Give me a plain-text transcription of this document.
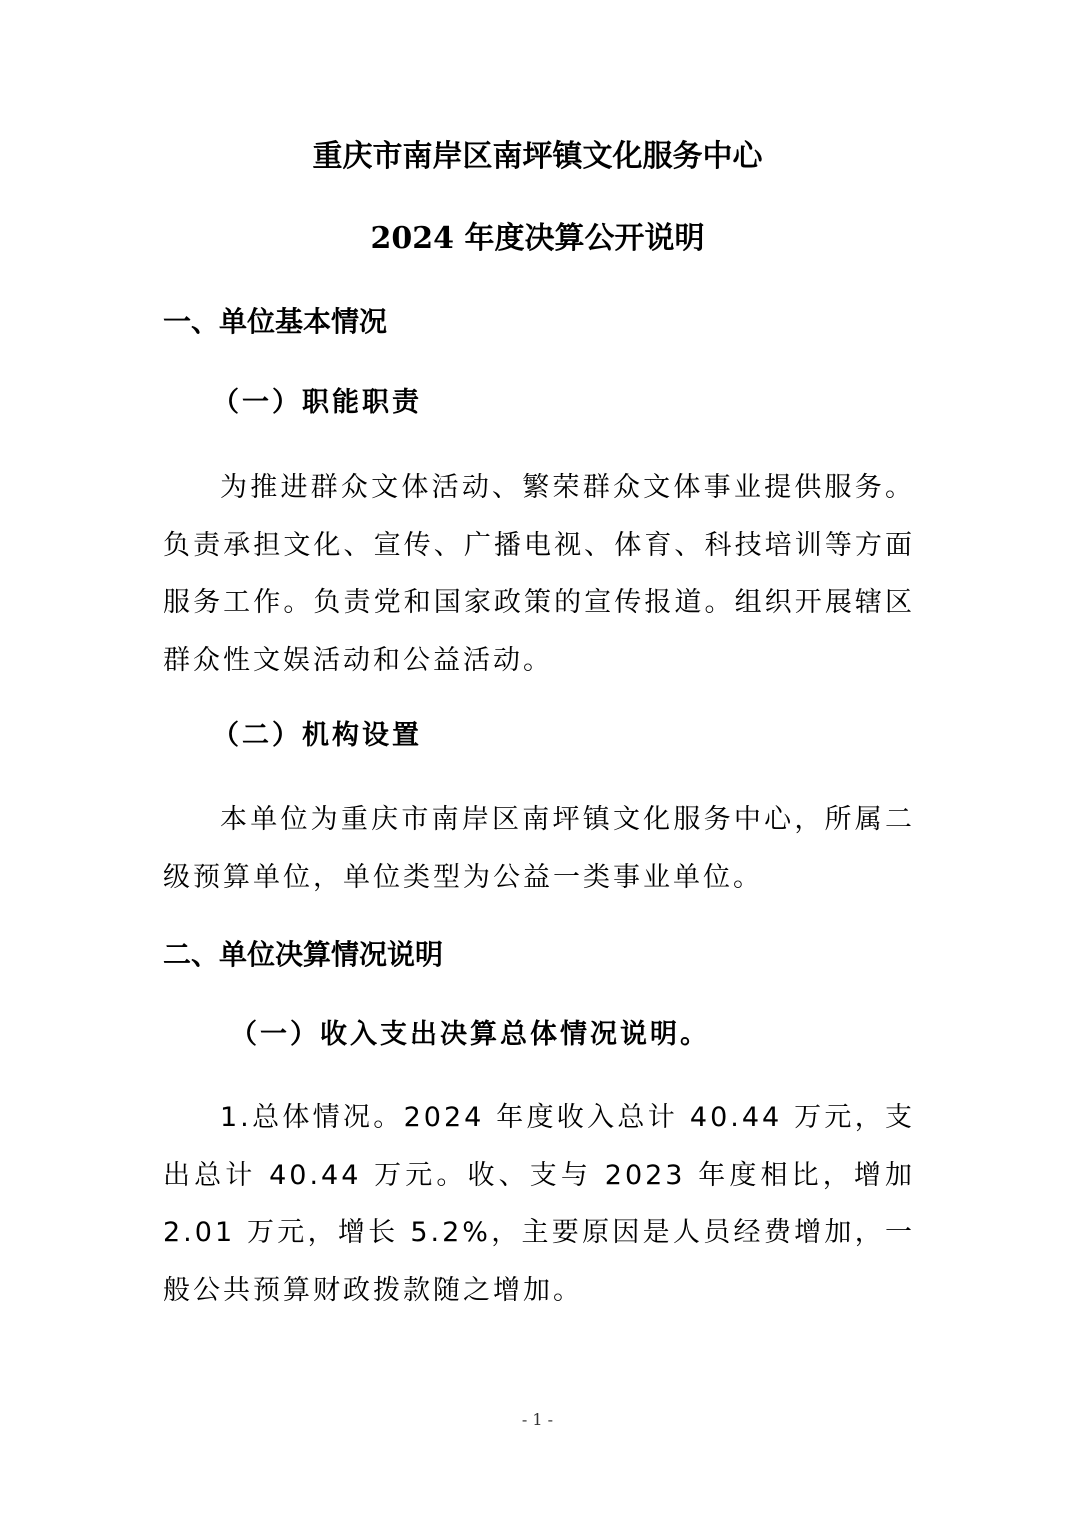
重庆市南岸区南坪镇文化服务中心
2024 年度决算公开说明
一、单位基本情况
（一）职能职责

为推进群众文体活动、繁荣群众文体事业提供服务。负责承担文化、宣传、广播电视、体育、科技培训等方面服务工作。负责党和国家政策的宣传报道。组织开展辖区群众性文娱活动和公益活动。

（二）机构设置

本单位为重庆市南岸区南坪镇文化服务中心，所属二级预算单位，单位类型为公益一类事业单位。

二、单位决算情况说明
（一）收入支出决算总体情况说明。

1.总体情况。2024 年度收入总计 40.44 万元，支出总计 40.44 万元。收、支与 2023 年度相比，增加 2.01 万元，增长 5.2%，主要原因是人员经费增加，一般公共预算财政拨款随之增加。

- 1 -
